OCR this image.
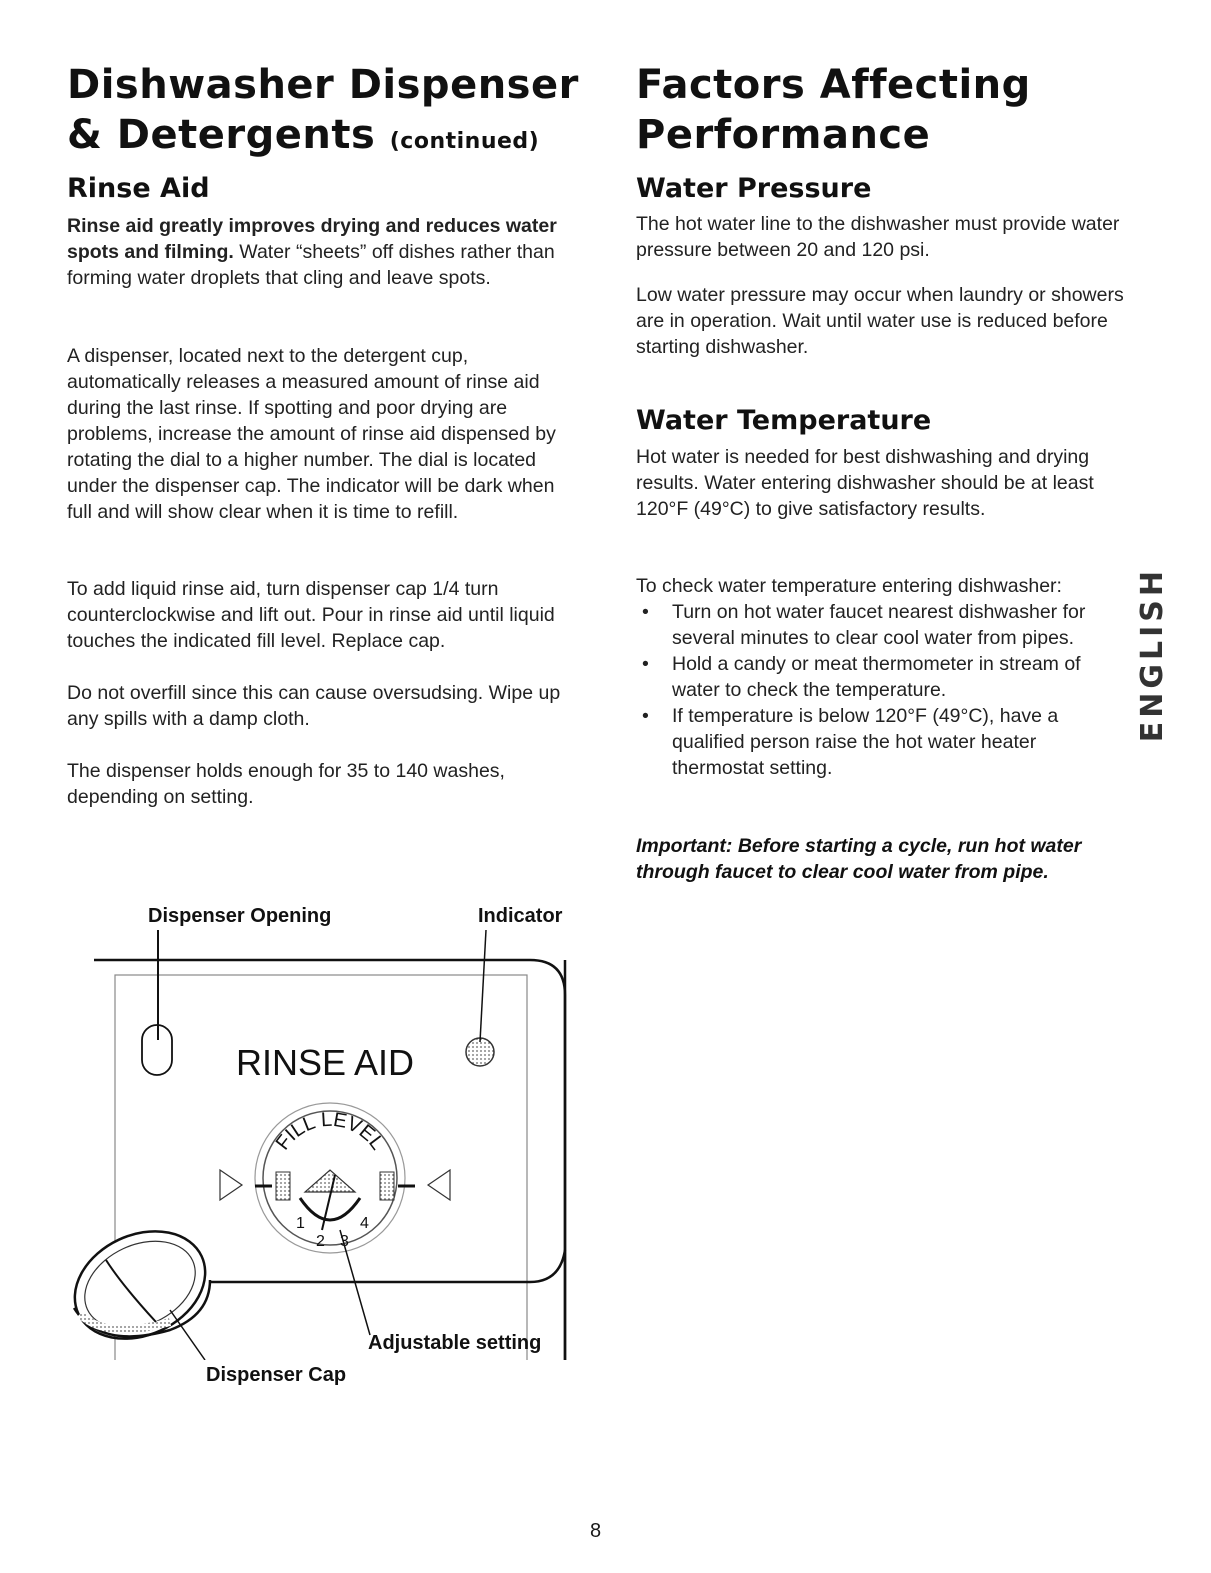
Dishwasher Dispenser
& Detergents (continued)
Rinse Aid

Rinse aid greatly improves drying and reduces water spots and filming. Water “sheets” off dishes rather than forming water droplets that cling and leave spots.

A dispenser, located next to the detergent cup, automatically releases a measured amount of rinse aid during the last rinse. If spotting and poor drying are problems, increase the amount of rinse aid dispensed by rotating the dial to a higher number. The dial is located under the dispenser cap. The indicator will be dark when full and will show clear when it is time to refill.

To add liquid rinse aid, turn dispenser cap 1/4 turn counterclockwise and lift out. Pour in rinse aid until liquid touches the indicated fill level. Replace cap.

Do not overfill since this can cause oversudsing. Wipe up any spills with a damp cloth.

The dispenser holds enough for 35 to 140 washes, depending on setting.

Dispenser Opening	Indicator
RINSE AID
FILL LEVEL
1
2 3
4
Adjustable setting
Dispenser Cap
Factors Affecting
Performance
Water Pressure

The hot water line to the dishwasher must provide water pressure between 20 and 120 psi.

Low water pressure may occur when laundry or showers are in operation. Wait until water use is reduced before starting dishwasher.

Water Temperature

Hot water is needed for best dishwashing and drying results. Water entering dishwasher should be at least 120°F (49°C) to give satisfactory results.

To check water temperature entering dishwasher:

• Turn on hot water faucet nearest dishwasher for several minutes to clear cool water from pipes.
• Hold a candy or meat thermometer in stream of water to check the temperature.
• If temperature is below 120°F (49°C), have a qualified person raise the hot water heater thermostat setting.

Important: Before starting a cycle, run hot water through faucet to clear cool water from pipe.

ENGLISH
8
